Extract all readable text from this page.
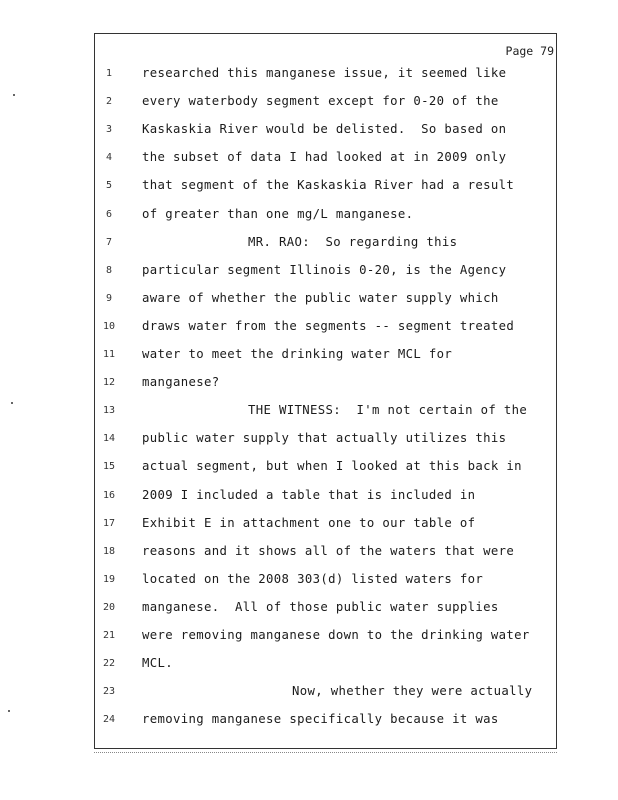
Page 79
1	researched this manganese issue, it seemed like
2	every waterbody segment except for 0-20 of the
3	Kaskaskia River would be delisted.  So based on
4	the subset of data I had looked at in 2009 only
5	that segment of the Kaskaskia River had a result
6	of greater than one mg/L manganese.
7	MR. RAO:  So regarding this
8	particular segment Illinois 0-20, is the Agency
9	aware of whether the public water supply which
10	draws water from the segments -- segment treated
11	water to meet the drinking water MCL for
12	manganese?
13	THE WITNESS:  I'm not certain of the
14	public water supply that actually utilizes this
15	actual segment, but when I looked at this back in
16	2009 I included a table that is included in
17	Exhibit E in attachment one to our table of
18	reasons and it shows all of the waters that were
19	located on the 2008 303(d) listed waters for
20	manganese.  All of those public water supplies
21	were removing manganese down to the drinking water
22	MCL.
23	Now, whether they were actually
24	removing manganese specifically because it was
